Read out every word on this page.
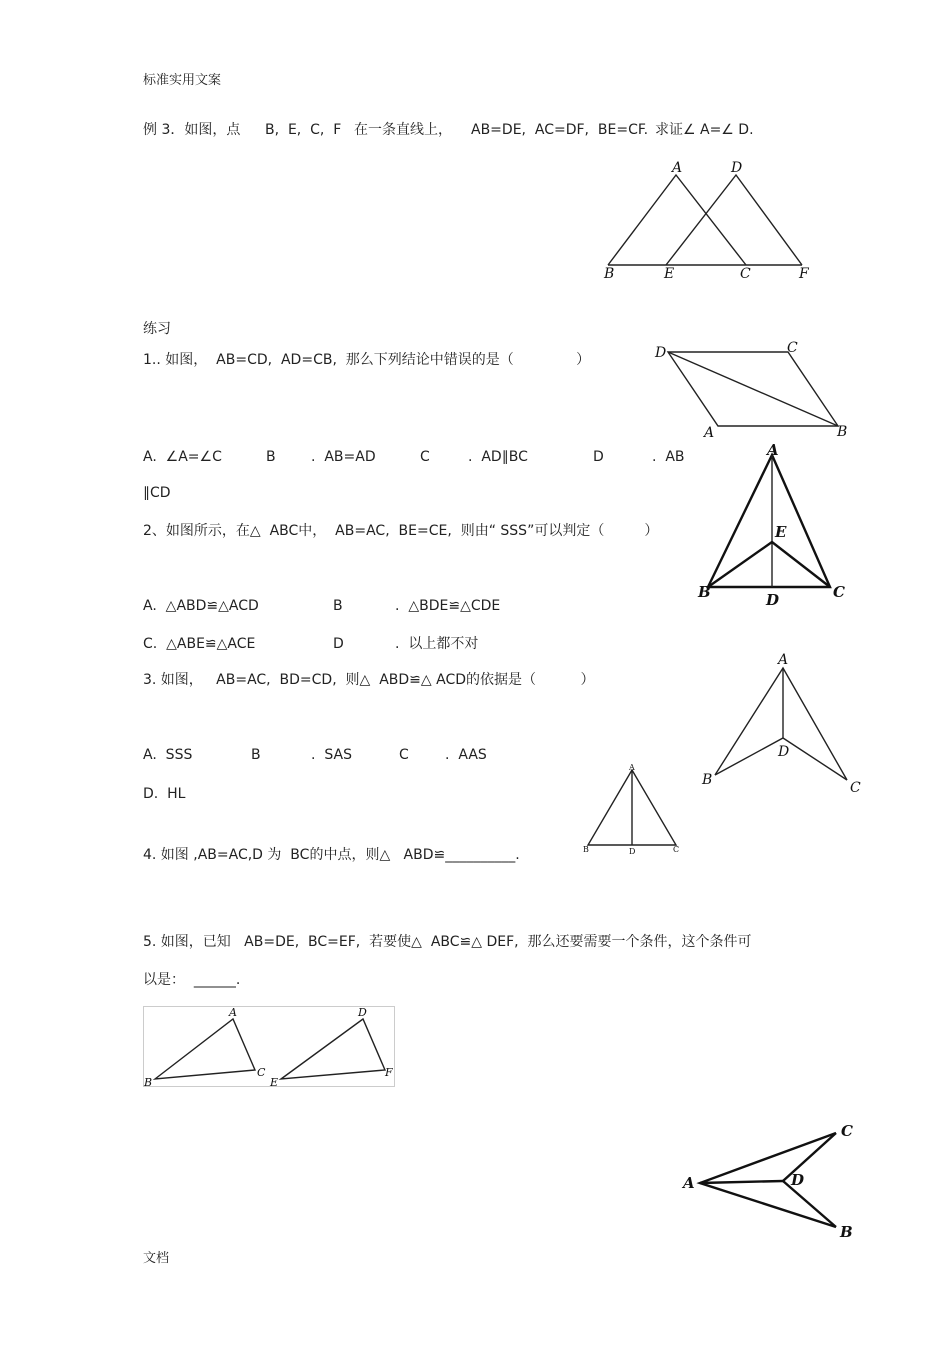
标准实用文案
文档
例 3．如图，点 B,  E,  C,  F 在一条直线上， AB=DE,  AC=DF,  BE=CF. 求证∠ A=∠ D.
A	D
B	E	C	F
练习
1.. 如图，  AB=CD,  AD=CB,  那么下列结论中错误的是（              ）	D	C
A	B
A.  ∠A=∠C	B	.  AB=AD	C	.  AD∥BC	D	.  AB
∥CD
A
E
B	D	C
2、如图所示，在△  ABC中，  AB=AC,  BE=CE,  则由“ SSS”可以判定（         ）
A.  △ABD≌△ACD	B	.  △BDE≌△CDE
C.  △ABE≌△ACE	D	.  以上都不对
3. 如图，   AB=AC,  BD=CD,  则△  ABD≌△ ACD的依据是（          ）
A
D
B	C
A.  SSS	B	.  SAS	C	.  AAS
D.  HL
A
B	D	C
4. 如图 ,AB=AC,D 为  BC的中点，则△   ABD≌__________.
5. 如图，已知   AB=DE,  BC=EF,  若要使△  ABC≌△ DEF,  那么还要需要一个条件，这个条件可
以是：  ______.
A
B
C
D
E
F
C
A	D
B
